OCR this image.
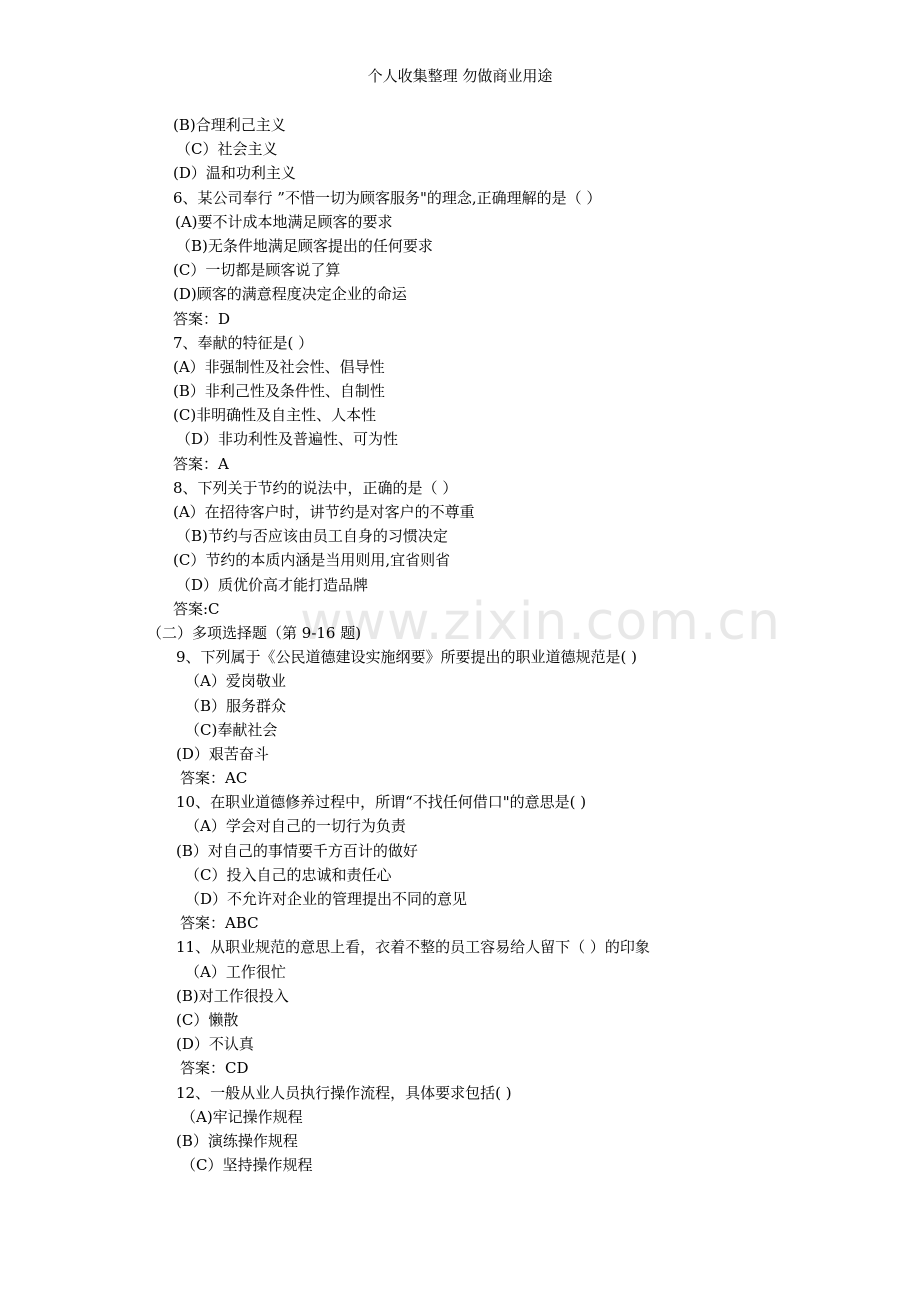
个人收集整理 勿做商业用途
www.zixin.com.cn
(B)合理利己主义
（C）社会主义
(D）温和功利主义
6、某公司奉行 ”不惜一切为顾客服务"的理念,正确理解的是（ ）
(A)要不计成本地满足顾客的要求
（B)无条件地满足顾客提出的任何要求
(C）一切都是顾客说了算
(D)顾客的满意程度决定企业的命运
答案：D
7、奉献的特征是( ）
(A）非强制性及社会性、倡导性
(B）非利己性及条件性、自制性
(C)非明确性及自主性、人本性
（D）非功利性及普遍性、可为性
答案：A
8、下列关于节约的说法中，正确的是（ ）
(A）在招待客户时，讲节约是对客户的不尊重
（B)节约与否应该由员工自身的习惯决定
(C）节约的本质内涵是当用则用,宜省则省
（D）质优价高才能打造品牌
答案:C
（二）多项选择题（第 9-16 题)
9、下列属于《公民道德建设实施纲要》所要提出的职业道德规范是( )
（A）爱岗敬业
（B）服务群众
（C)奉献社会
(D）艰苦奋斗
答案：AC
10、在职业道德修养过程中，所谓“不找任何借口"的意思是( )
（A）学会对自己的一切行为负责
(B）对自己的事情要千方百计的做好
（C）投入自己的忠诚和责任心
（D）不允许对企业的管理提出不同的意见
答案：ABC
11、从职业规范的意思上看，衣着不整的员工容易给人留下（ ）的印象
（A）工作很忙
(B)对工作很投入
(C）懒散
(D）不认真
答案：CD
12、一般从业人员执行操作流程，具体要求包括( )
（A)牢记操作规程
(B）演练操作规程
（C）坚持操作规程
